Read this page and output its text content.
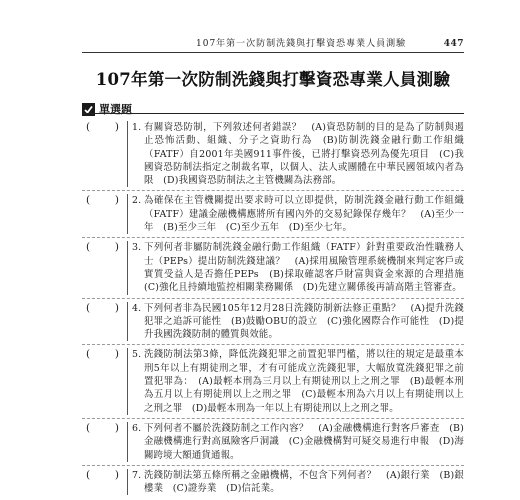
107年第一次防制洗錢與打擊資恐專業人員測驗	447
107年第一次防制洗錢與打擊資恐專業人員測驗
單選題
( ) 1. 有關資恐防制，下列敘述何者錯誤？　(A)資恐防制的目的是為了防制與遏止恐怖活動、組織、分子之資助行為　(B)防制洗錢金融行動工作組織（FATF）自2001年美國911事件後，已將打擊資恐列為優先項目　(C)我國資恐防制法指定之制裁名單，以個人、法人或團體在中華民國領域內者為限　(D)我國資恐防制法之主管機關為法務部。
( ) 2. 為確保在主管機關提出要求時可以立即提供，防制洗錢金融行動工作組織（FATF）建議金融機構應將所有國內外的交易紀錄保存幾年？　(A)至少一年　(B)至少三年　(C)至少五年　(D)至少七年。
( ) 3. 下列何者非屬防制洗錢金融行動工作組織（FATF）針對重要政治性職務人士（PEPs）提出防制洗錢建議？　(A)採用風險管理系統機制來判定客戶或實質受益人是否擔任PEPs　(B)採取確認客戶財富與資金來源的合理措施　(C)強化且持續地監控相關業務關係　(D)先建立關係後再請高階主管審查。
( ) 4. 下列何者非為民國105年12月28日洗錢防制新法修正重點？　(A)提升洗錢犯罪之追訴可能性　(B)鼓勵OBU的設立　(C)強化國際合作可能性　(D)提升我國洗錢防制的體質與效能。
( ) 5. 洗錢防制法第3條，降低洗錢犯罪之前置犯罪門檻，將以往的規定是最重本刑5年以上有期徒刑之罪，才有可能成立洗錢犯罪，大幅放寬洗錢犯罪之前置犯罪為：　(A)最輕本刑為三月以上有期徒刑以上之刑之罪　(B)最輕本刑為五月以上有期徒刑以上之刑之罪　(C)最輕本刑為六月以上有期徒刑以上之刑之罪　(D)最輕本刑為一年以上有期徒刑以上之刑之罪。
( ) 6. 下列何者不屬於洗錢防制之工作內容？　(A)金融機構進行對客戶審查　(B)金融機構進行對高風險客戶洞識　(C)金融機構對可疑交易進行申報　(D)海關跨境大額通貨通報。
( ) 7. 洗錢防制法第五條所稱之金融機構，不包含下列何者？　(A)銀行業　(B)銀樓業　(C)證券業　(D)信託業。
